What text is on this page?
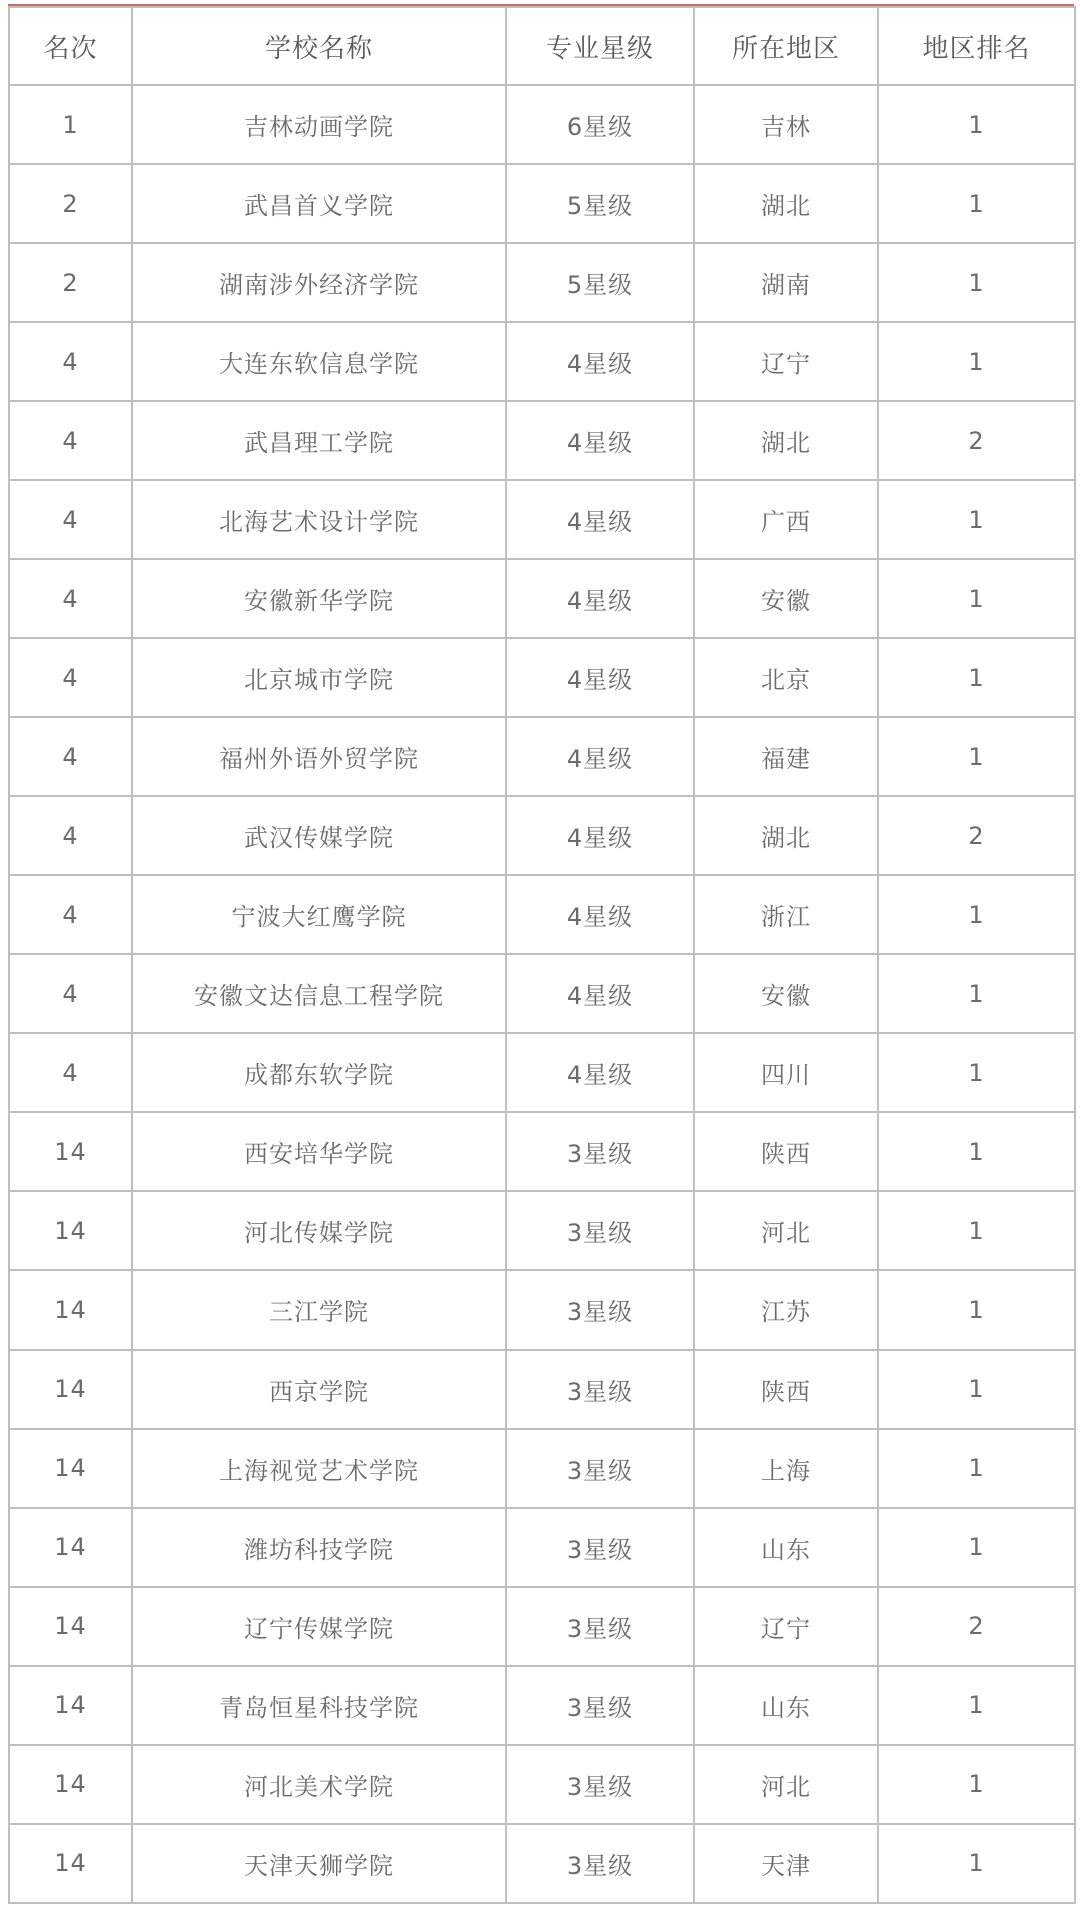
名次	学校名称	专业星级	所在地区	地区排名
1	吉林动画学院	6星级	吉林	1
2	武昌首义学院	5星级	湖北	1
2	湖南涉外经济学院	5星级	湖南	1
4	大连东软信息学院	4星级	辽宁	1
4	武昌理工学院	4星级	湖北	2
4	北海艺术设计学院	4星级	广西	1
4	安徽新华学院	4星级	安徽	1
4	北京城市学院	4星级	北京	1
4	福州外语外贸学院	4星级	福建	1
4	武汉传媒学院	4星级	湖北	2
4	宁波大红鹰学院	4星级	浙江	1
4	安徽文达信息工程学院	4星级	安徽	1
4	成都东软学院	4星级	四川	1
14	西安培华学院	3星级	陕西	1
14	河北传媒学院	3星级	河北	1
14	三江学院	3星级	江苏	1
14	西京学院	3星级	陕西	1
14	上海视觉艺术学院	3星级	上海	1
14	潍坊科技学院	3星级	山东	1
14	辽宁传媒学院	3星级	辽宁	2
14	青岛恒星科技学院	3星级	山东	1
14	河北美术学院	3星级	河北	1
14	天津天狮学院	3星级	天津	1
